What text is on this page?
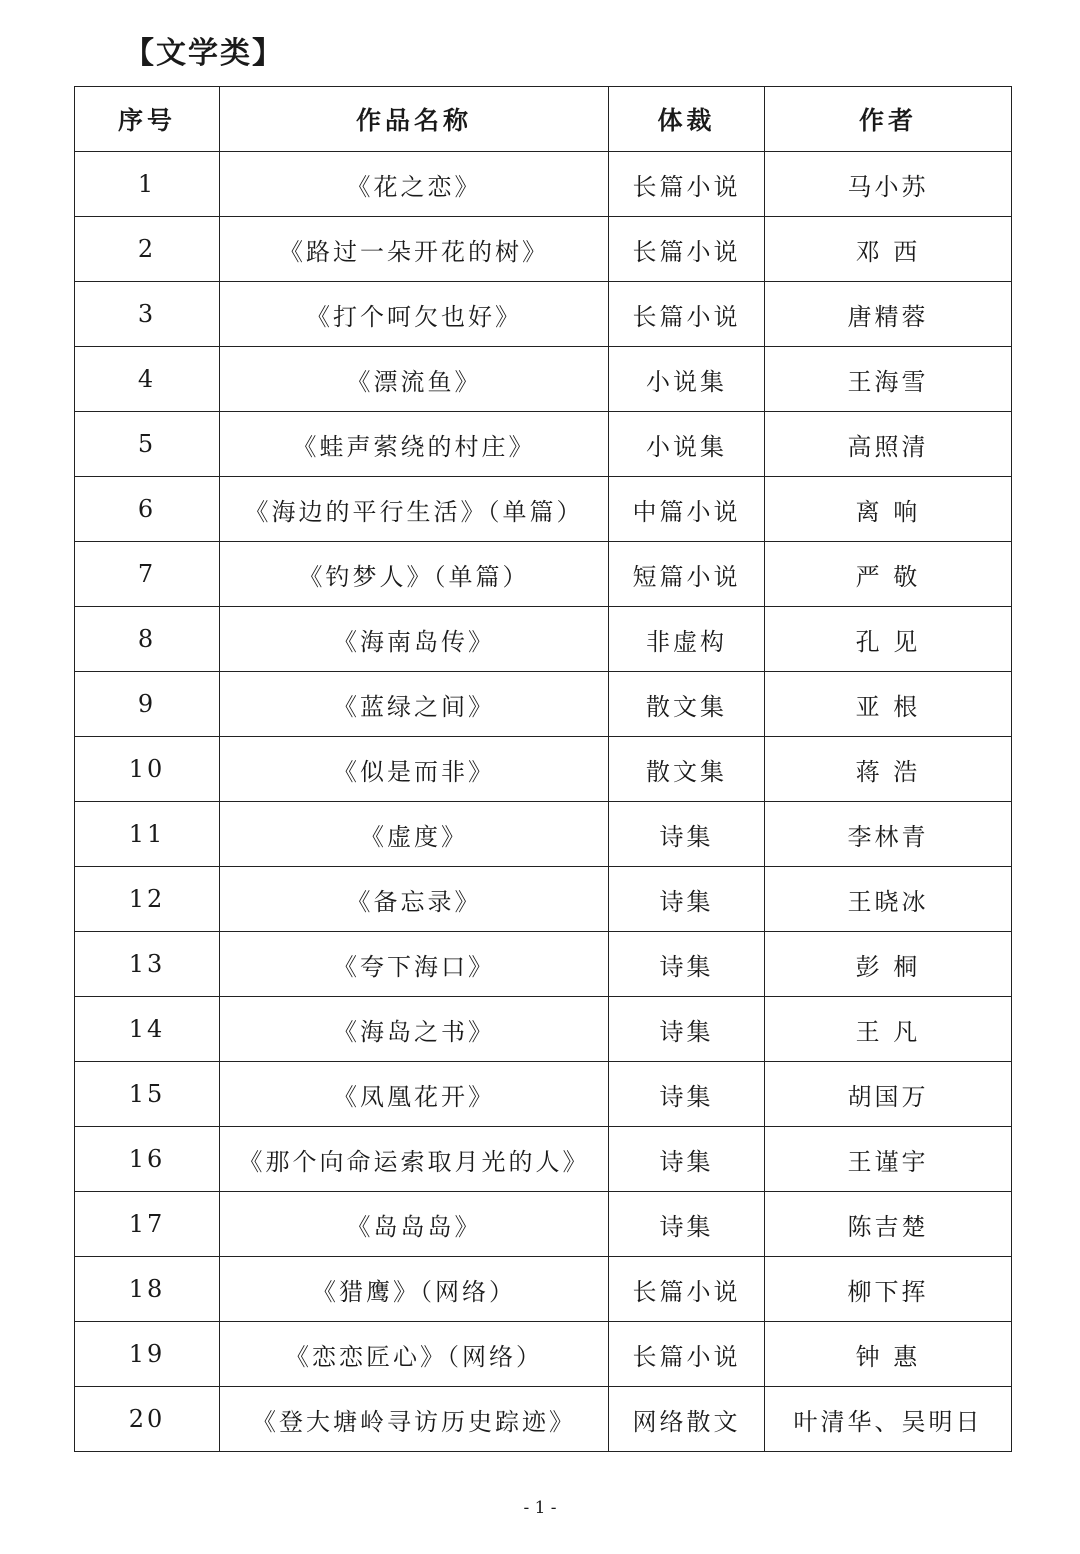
【文学类】
序号	作品名称	体裁	作者
1	《花之恋》	长篇小说	马小苏
2	《路过一朵开花的树》	长篇小说	邓 西
3	《打个呵欠也好》	长篇小说	唐精蓉
4	《漂流鱼》	小说集	王海雪
5	《蛙声萦绕的村庄》	小说集	高照清
6	《海边的平行生活》（单篇）	中篇小说	离 响
7	《钓梦人》（单篇）	短篇小说	严 敬
8	《海南岛传》	非虚构	孔 见
9	《蓝绿之间》	散文集	亚 根
10	《似是而非》	散文集	蒋 浩
11	《虚度》	诗集	李林青
12	《备忘录》	诗集	王晓冰
13	《夸下海口》	诗集	彭 桐
14	《海岛之书》	诗集	王 凡
15	《凤凰花开》	诗集	胡国万
16	《那个向命运索取月光的人》	诗集	王谨宇
17	《岛岛岛》	诗集	陈吉楚
18	《猎鹰》（网络）	长篇小说	柳下挥
19	《恋恋匠心》（网络）	长篇小说	钟 惠
20	《登大塘岭寻访历史踪迹》	网络散文	叶清华、吴明日
- 1 -
